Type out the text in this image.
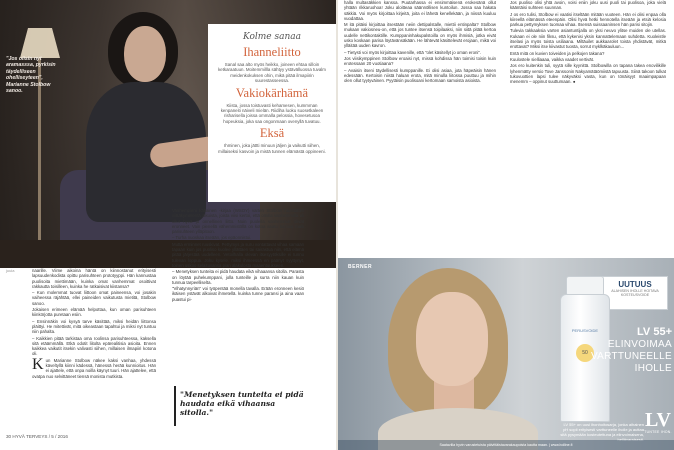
"Jos olisin nyt aramasssa, pyrkisin täydelliseen ohelliseyteen", Marianne Stolbow sanoo.
Kolme sanaa
Ihanneliitto
Sanal saa alto myös heikko, joineen ehtaa silloin ketkaraatuun. Moitemmillla sähtyy ystävälluossa tuvalm meidenkokuksen ohin, mikä pitää ilmapiirin suurestasseessa.
Vakiokärhämä
Kiista, jossa toistuvasti kehamesen, kummman kenpaneiti näiveli mielän. Riidiha luoku suosetkaleen risharisella joissa ommalla pelossia, hovesetusoa hopeuksia, joka saa ongonmaan ovenyllä tuvatuu.
Eksä
Ihminen, joka jättti minuun jäljen ja vaikutti siihen, millaiseksi kasvoin ja mistä tunnen elämästä oppineeni.
juuia	naarille. Viime aikoina häntä on kiinnostanut erityisesti lapsuudenkodista opittu parisuhteen prototyyppi. Hän kannustaa puolisoita miettimään, kuinka omat vanhemmat osoittivat rakkautta toisilleen, kuinka he ratkaisivat kiistansa?

– Kun molemmat tuovat liittoon omat paineensa, voi josakin vaiheessa räjähtää, ellei paineiden vaikutusta mietitä, Stolbow sanoo.

Jokaisen erimeen elämää helpottaa, kun oman parisuhteen kiinkörjotta puretaan esiin.

– Ensinnäkin voi kysyä tarve käsittää, miksi heidän liittonsa pläittyi. He mitettivät, mitä oikeastaan tapahtui ja miksi nyt tuntuu niin pahalta.

– Kaikkien pitää tarkistaa oma roolinsa parisuhteessa, kaksella sitä etäämmällä. Etkä odotit liitolta epärealitisia asioita. Ennen kaikkea vaikutit itsekin valivasti siihen, millaisen ilmapiiri kotona oli.

K un Marianne Stolbow näkee kaksi vanhaa, yhdessä käveltyllä kiinni kädessä, hänessä herää kunnioitus. Hän ei ajattele, että onpa noilla käynyt tuuri. Hän ajattelee, että ovatpa nuo selvittäneet tiensä monista mutkista.

Vanhempieni kaltainen -kirjaa (WSOY) varten Stolbow haastatteli viittäkymmentä aikuista, joista viisi kertoi, että omilla vanhemmilla oli ollut hyvä ja onnellinen liitto. Nuin puolella vanhemmat olivat eronneet. Vain pienellä vähemmistöllä on kotoa saatu toimiva malli parisuhteen ylläpitoon.

– Turha nuoskaa itseään, jos epäonnistui.

Mutta erminnet ruuskivat. Pettymys ja suru vontattavat vihaa samaan tapaan kuin jos puoliso kuolee yllättäen tai sairastua niin, että elämä pitää järjestää uudelleen. Vetoilhalla olevan itsesyytöksille ei tunnu tulevan loppua. Joku kysele, miksi ihmeessä en paänyt syyttynyt, toinen uskoo selaituvansa pian alakulosta maaentuukseen.

– Menetyksen tunteita ei pidä haudata eikä vihaaansa sitolla. Parasta on löytää puhekumppani, jolla tunteille ja surra niin kauan kuin tunnua tarpeelliselta.

"Vihatynnyriän" voi työpentää monella tavalla. Erään eronneen kesiö ikäisen ystävät alkoivat ihmetellä. kuinka tunne paransi ja aina vaan puastui pi-

"Menetyksen tunteita ei pidä haudata eikä vihaansa sitolla."
30 HYVÄ TERVEYS / 5 / 2016

halla multasäkkien kanssa. Puutarhassa ei ensimmäisenä erokesänä ollut yhtään rikkaruohoa! Joku aloitteaa säännöllisen kuntoilun. Jossa saa hakata säkkiä. Voi myös kirjoittaa kirjeitä, joita ei lähetä kenellekään, ja niissä kuuluu vuodattaa.

M itä pitäisi kirjoittaa itsestään neiin dettipalstalle, miettii entinpalta? Stolbow mukaan vakiosneu-on, että jos tuntee itsensä toipilaaksi, niin siitä pitää kertoa uudelle nettikontaktille. Kumppaninhakupalstoilla on myös ihmisiä, jotka eivät usko koskaan parisa löytävänsäkään. He lähtevät käsittelevät erojaan, mikä voi ylläitää uuden kavron.

– Tietysti voi myös kirjoittaa kavenille, että "olet käsitellyt jo oman eroni".

Jos viisikymppinen Stolbow eroaisi nyt, missä kohdissa hän toimisi toisin kuin erotessaan 20 vuotiaana?

– Avaisin itseni täydellisesti kumppanille. Ei olisi asiaa, jota häpeäisin hänen edessään. Kertoisin niistä haluan erota, mitä minulla liitossa puuttuu ja mihin olen ollut tyytyväinen. Pyytäisin puolisoani kertomaan samoista asioista.

Jos puoliso olisi yhtä avoin, voisi eniin joku uusi puoli tai puolisoa, joka vielä kääntäisi suhteen suunnan.

J os ero tulisi, Stolbow ei vaatisi itseltään mitään vuoteen. Hän ei olisi enpaa olla kiireellä elämässä eteenpäin. Olisi hyvä hetki hennotella itseään ja etsiä kelosia parkua pettymyksen tuomaa vihaa. Itsensä suissaaninsen hän parisi sitojin.

Tulevia takkaaksia varten asiantuntijalla on yksi neuvo ylitse muiden ole utellas. Kukaan ei ole niin fiksu, että kykenisi yksin kannattelemaan suhdetta. Kuoleistle itselasi ja myös toista usiliaana. Miltäuilet aukkaarolet toista yhdistävät, mitkä erottavat? Miksi itse kiivastut tuosta, sorrut myklkäkauluun...

Entä mitä on kuvien toiveiden ja pelkojen takana?

Kuulostele sielliaaaa, vaikka vaadet vertivät.

Jos ero kuitenkin tuli, syytä sille kyynittä. Stolbowilla on tapana takea enovilikille lyhenmätty versio Tove Janssonin Nakyamätäömiistä tapuusta. Siinä takoon tulkat tukovuottien lapsi tulee näkyväksi vasta, kun on tönäisyyt maaimpapaan menemm – oppinut suuttumaan. ●

BERNER
UUTUUS
ALAHISEN IHOLLE HOITAVA KOSTEUSVOIDE
PERUSVOIDE
50
LV 55+
ELINVOIMAA
VARTTUNEELLE
IHOLLE
LV 55+ on uusi ihonhoitosarja, jonka aihainen pH sopii erityisesti varttuneelle iholle ja auttaa sitä pysymään kosteutettuna ja elinvoimaisena, hellävaraisesti.
LV
TUNTEE IHON.
Saatavilla hyvin varustetuista päivittäistavarakaupoista kautta maan. | www.lvdline.fi
